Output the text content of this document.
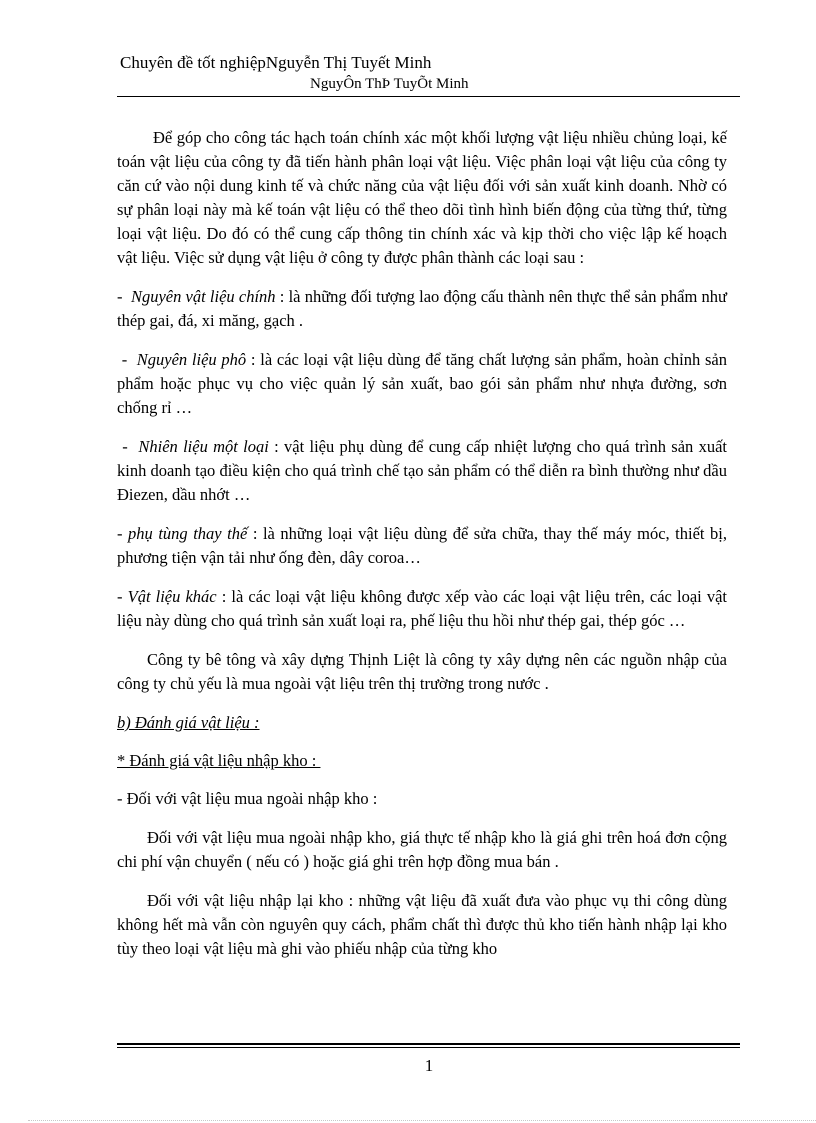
Chuyên đề tốt nghiệpNguyễn Thị Tuyết Minh
NguyÔn ThÞ TuyÕt Minh

Để góp cho công tác hạch toán chính xác một khối lượng vật liệu nhiều chủng loại, kế toán vật liệu của công ty đã tiến hành phân loại vật liệu. Việc phân loại vật liệu của công ty căn cứ vào nội dung kinh tế và chức năng của vật liệu đối với sản xuất kinh doanh. Nhờ có sự phân loại này mà kế toán vật liệu có thể theo dõi tình hình biến động của từng thứ, từng loại vật liệu. Do đó có thể cung cấp thông tin chính xác và kịp thời cho việc lập kế hoạch vật liệu. Việc sử dụng vật liệu ở công ty được phân thành các loại sau :

-  Nguyên vật liệu chính : là những đối tượng lao động cấu thành nên thực thể sản phẩm như thép gai, đá, xi măng, gạch .

-  Nguyên liệu phô : là các loại vật liệu dùng để tăng chất lượng sản phẩm, hoàn chỉnh sản phẩm hoặc phục vụ cho việc quản lý sản xuất, bao gói sản phẩm như nhựa đường, sơn chống rỉ …

-  Nhiên liệu một loại : vật liệu phụ dùng để cung cấp nhiệt lượng cho quá trình sản xuất kinh doanh tạo điều kiện cho quá trình chế tạo sản phẩm có thể diễn ra bình thường như dầu Điezen, dầu nhớt …

- phụ tùng thay thế : là những loại vật liệu dùng để sửa chữa, thay thế máy móc, thiết bị, phương tiện vận tải như ống đèn, dây coroa…

- Vật liệu khác : là các loại vật liệu không được xếp vào các loại vật liệu trên, các loại vật liệu này dùng cho quá trình sản xuất loại ra, phế liệu thu hồi như thép gai, thép góc …

Công ty bê tông và xây dựng Thịnh Liệt là công ty xây dựng nên các nguồn nhập của công ty chủ yếu là mua ngoài vật liệu trên thị trường trong nước .

b) Đánh giá vật liệu :

* Đánh giá vật liệu nhập kho :

- Đối với vật liệu mua ngoài nhập kho :

Đối với vật liệu mua ngoài nhập kho, giá thực tế nhập kho là giá ghi trên hoá đơn cộng chi phí vận chuyển ( nếu có ) hoặc giá ghi trên hợp đồng mua bán .

Đối với vật liệu nhập lại kho : những vật liệu đã xuất đưa vào phục vụ thi công dùng không hết mà vẫn còn nguyên quy cách, phẩm chất thì được thủ kho tiến hành nhập lại kho tùy theo loại vật liệu mà ghi vào phiếu nhập của từng kho

1
